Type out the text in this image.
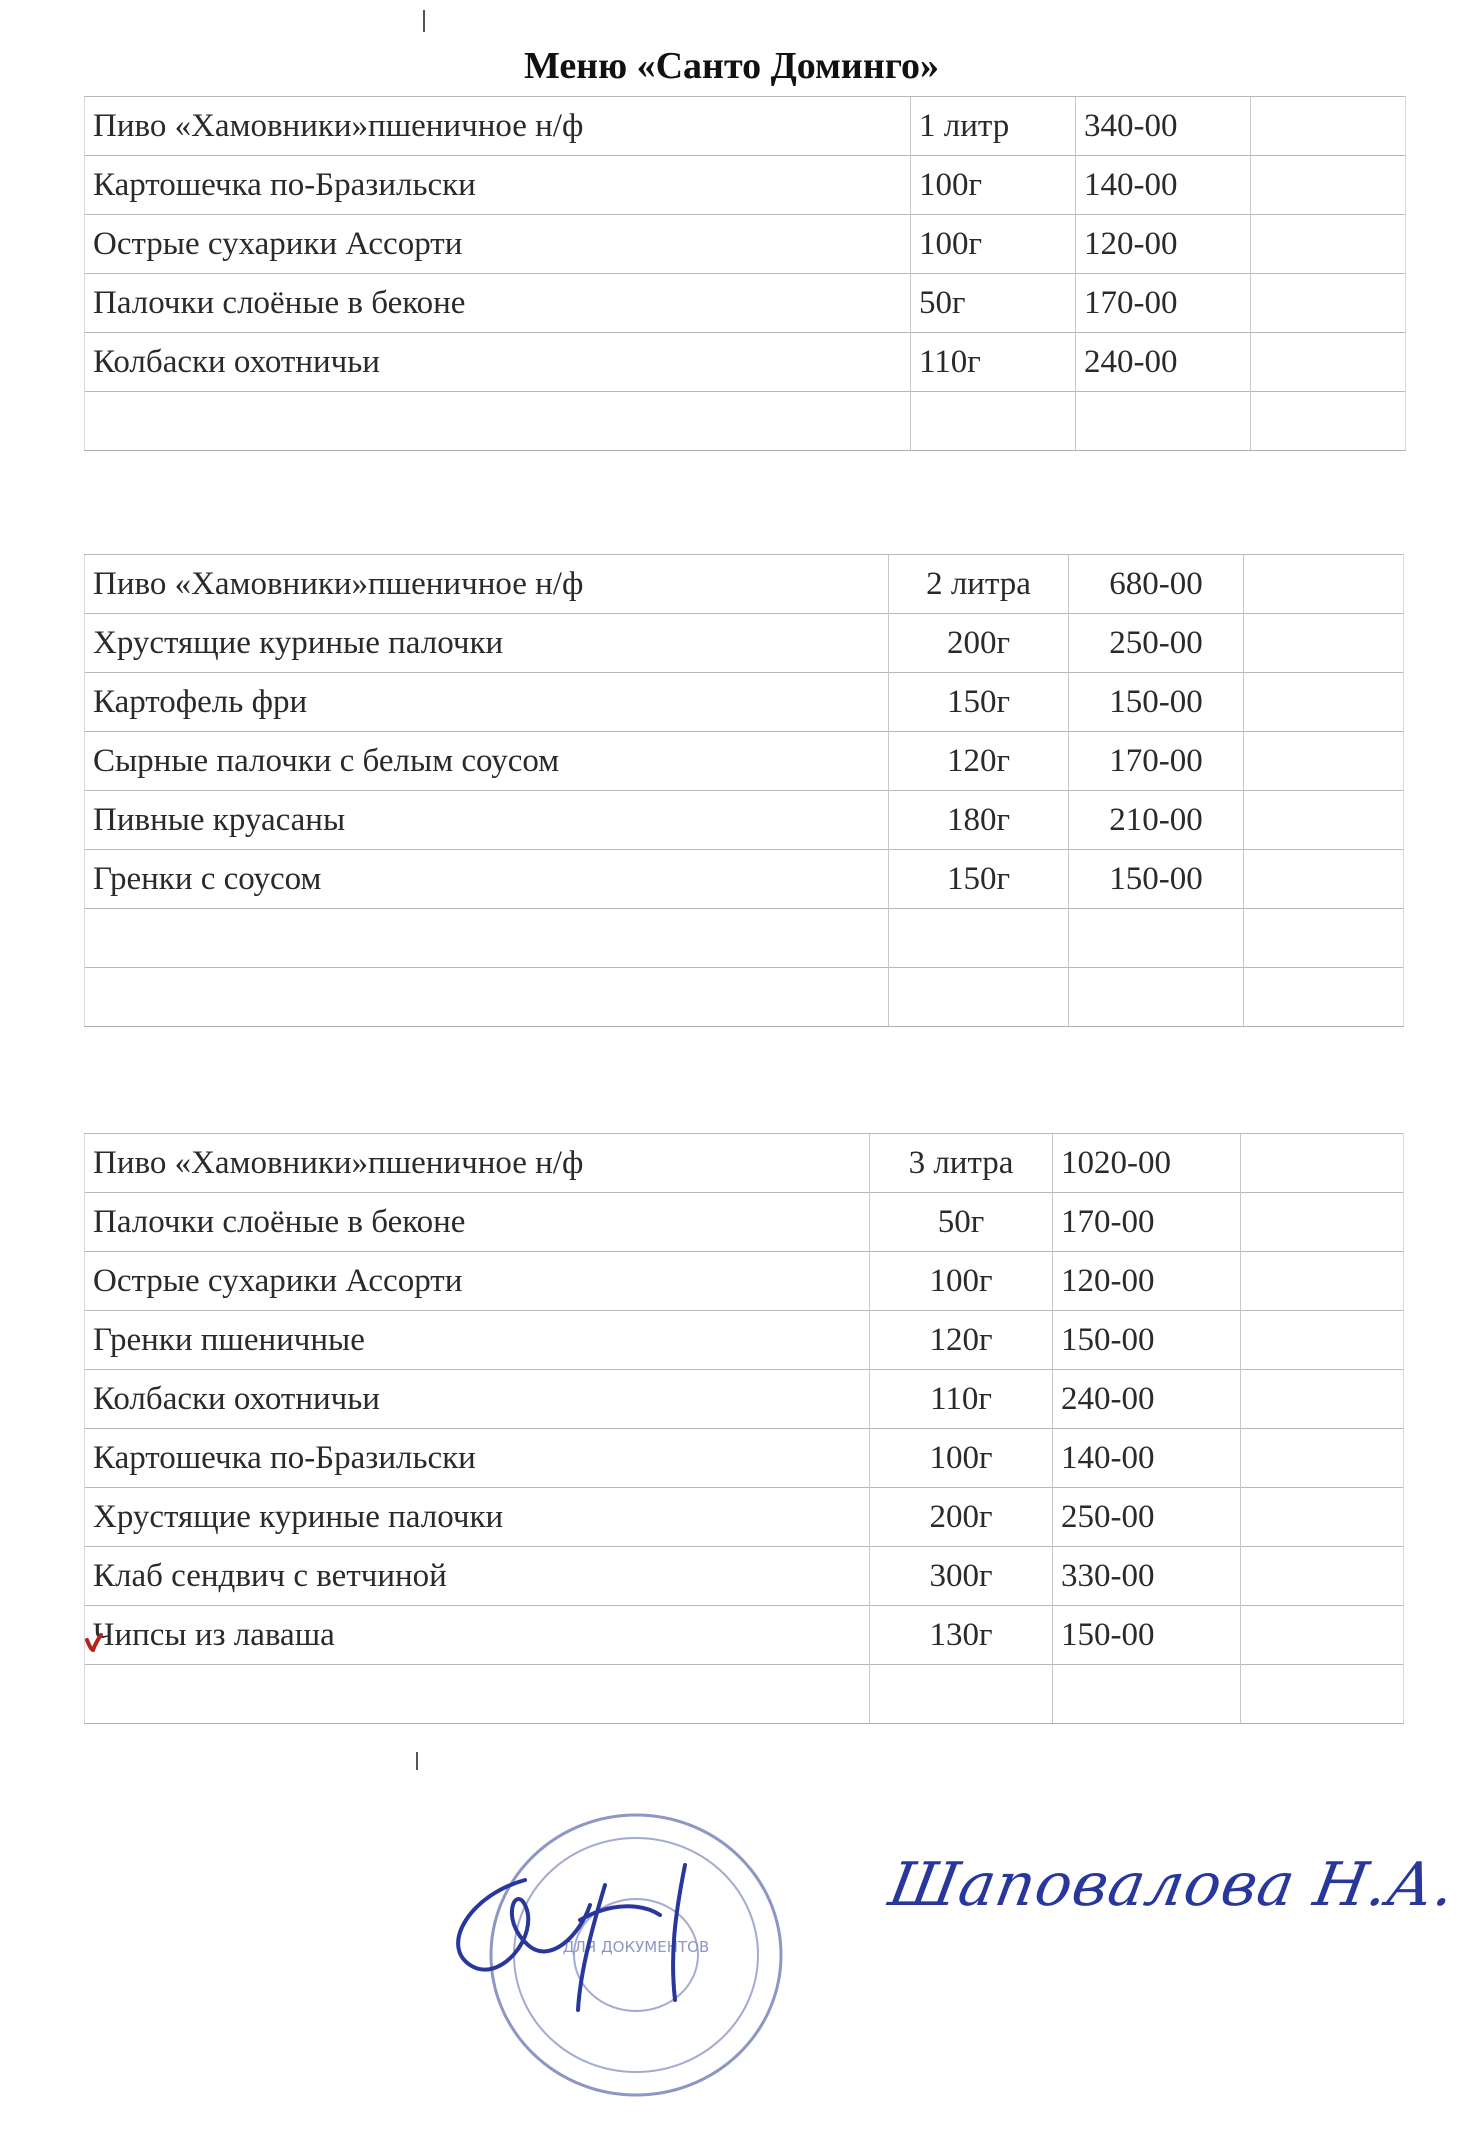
Меню «Санто Доминго»
Пиво «Хамовники»пшеничное н/ф	1 литр	340-00	
Картошечка по-Бразильски	100г	140-00	
Острые сухарики Ассорти	100г	120-00	
Палочки слоёные в беконе	50г	170-00	
Колбаски охотничьи	110г	240-00	

Пиво «Хамовники»пшеничное н/ф	2 литра	680-00	
Хрустящие куриные палочки	200г	250-00	
Картофель фри	150г	150-00	
Сырные палочки с белым соусом	120г	170-00	
Пивные круасаны	180г	210-00	
Гренки с соусом	150г	150-00	

Пиво «Хамовники»пшеничное н/ф	3 литра	1020-00	
Палочки слоёные в беконе	50г	170-00	
Острые сухарики Ассорти	100г	120-00	
Гренки пшеничные	120г	150-00	
Колбаски охотничьи	110г	240-00	
Картошечка по-Бразильски	100г	140-00	
Хрустящие куриные палочки	200г	250-00	
Клаб сендвич с ветчиной	300г	330-00	
Чипсы из лаваша	130г	150-00	

ДЛЯ ДОКУМЕНТОВ
Шаповалова Н.А.
